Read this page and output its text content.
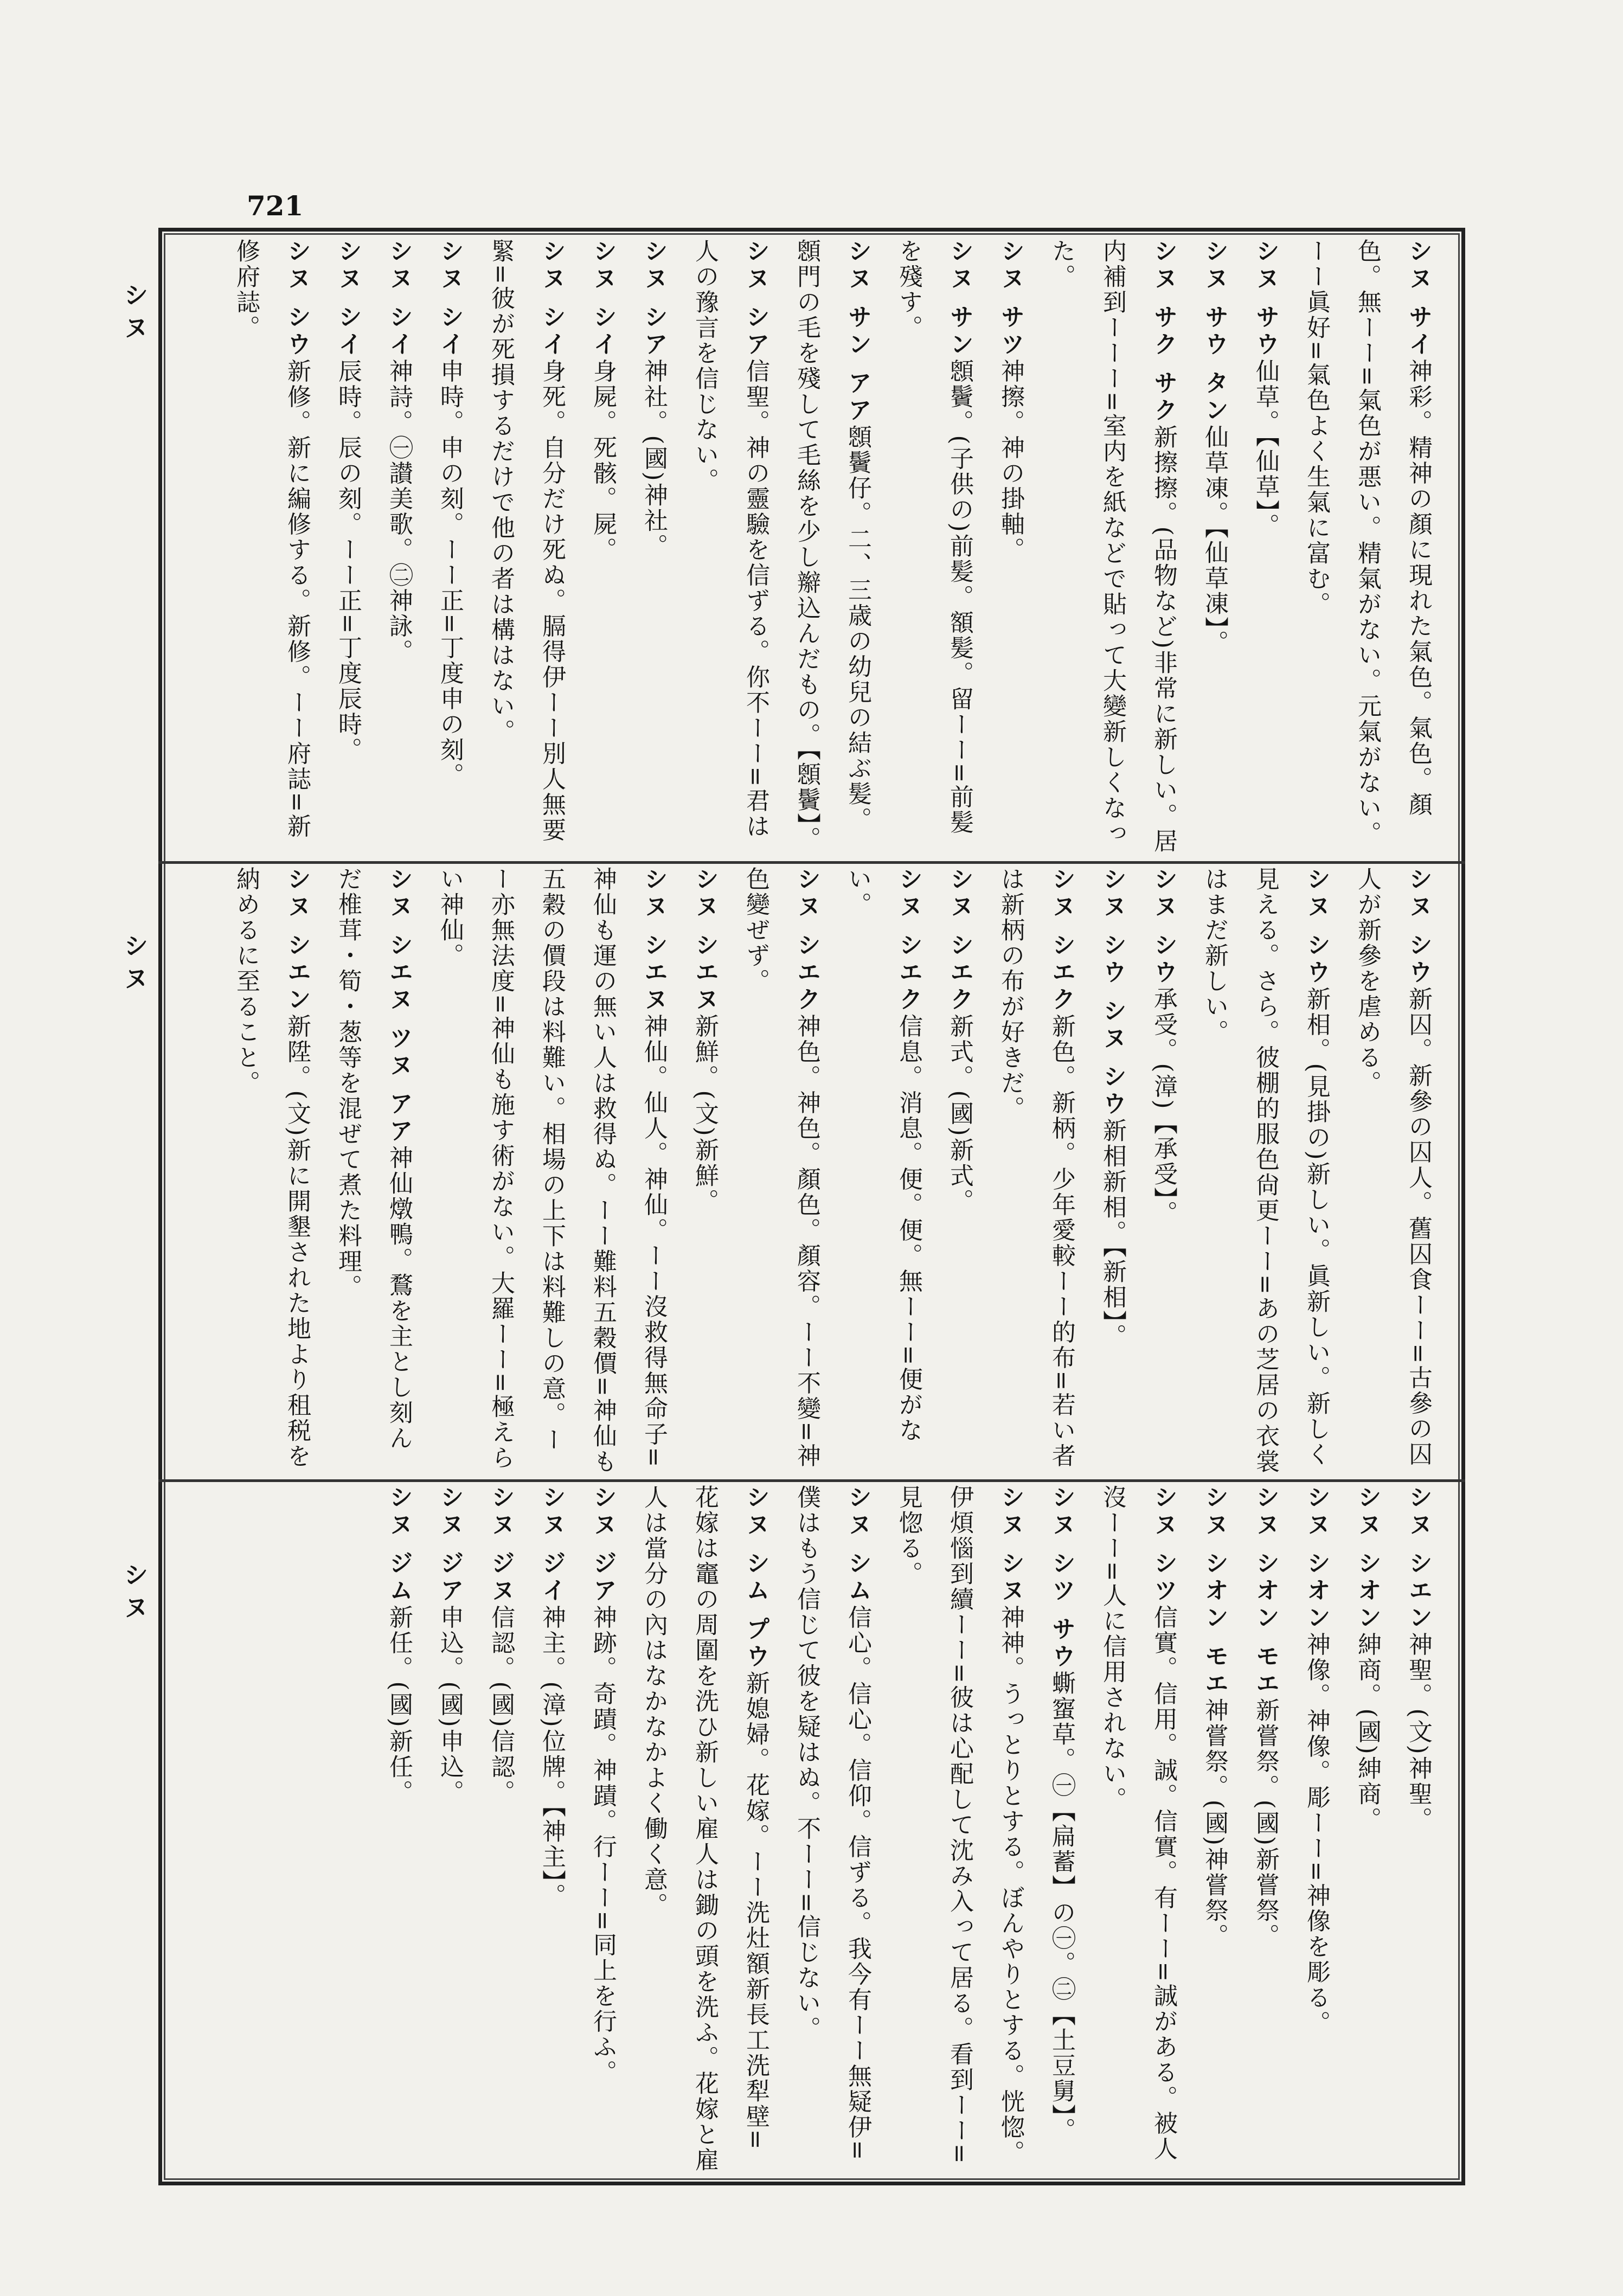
721
シヌ
シヌ
シヌ
シヌ サイ神彩。精神の顏に現れた氣色。氣色。顏色。無ーー=氣色が悪い。精氣がない。元氣がない。ーー眞好=氣色よく生氣に富む。
シヌ サウ仙草。【仙草】。
シヌ サウ タン仙草凍。【仙草凍】。
シヌ サク サク新擦擦。(品物など)非常に新しい。居内補到ーーー=室内を紙などで貼って大變新しくなった。
シヌ サツ神擦。神の掛軸。
シヌ サン顖鬢。(子供の)前髪。額髪。留ーー=前髪を殘す。
シヌ サン アア顖鬢仔。二、三歳の幼兒の結ぶ髪。顖門の毛を殘して毛絲を少し辮込んだもの。【顖鬢】。
シヌ シア信聖。神の靈驗を信ずる。你不ーー=君は人の豫言を信じない。
シヌ シア神社。(國)神社。
シヌ シイ身屍。死骸。屍。
シヌ シイ身死。自分だけ死ぬ。膈得伊ーー別人無要緊=彼が死損するだけで他の者は構はない。
シヌ シイ申時。申の刻。ーー正=丁度申の刻。
シヌ シイ神詩。㊀讃美歌。㊁神詠。
シヌ シイ辰時。辰の刻。ーー正=丁度辰時。
シヌ シウ新修。新に編修する。新修。ーー府誌=新修府誌。
シヌ シウ新囚。新參の囚人。舊囚食ーー=古參の囚人が新參を虐める。
シヌ シウ新相。(見掛の)新しい。眞新しい。新しく見える。さら。彼棚的服色尙更ーー=あの芝居の衣裳はまだ新しい。
シヌ シウ承受。(漳)【承受】。
シヌ シウ シヌ シウ新相新相。【新相】。
シヌ シエク新色。新柄。少年愛較ーー的布=若い者は新柄の布が好きだ。
シヌ シエク新式。(國)新式。
シヌ シエク信息。消息。便。便。無ーー=便がない。
シヌ シエク神色。神色。顏色。顏容。ーー不變=神色變ぜず。
シヌ シエヌ新鮮。(文)新鮮。
シヌ シエヌ神仙。仙人。神仙。ーー沒救得無命子=神仙も運の無い人は救得ぬ。ーー難料五穀價=神仙も五穀の價段は料難い。相場の上下は料難しの意。ーー亦無法度=神仙も施す術がない。大羅ーー=極えらい神仙。
シヌ シエヌ ツヌ アア神仙燉鴨。鶩を主とし刻んだ椎茸・筍・葱等を混ぜて煮た料理。
シヌ シエン新陞。(文)新に開墾された地より租税を納めるに至ること。
シヌ シエン神聖。(文)神聖。
シヌ シオン紳商。(國)紳商。
シヌ シオン神像。神像。彫ーー=神像を彫る。
シヌ シオン モエ新嘗祭。(國)新嘗祭。
シヌ シオン モエ神嘗祭。(國)神嘗祭。
シヌ シツ信實。信用。誠。信實。有ーー=誠がある。被人沒ーー=人に信用されない。
シヌ シツ サウ蟖䗕草。㊀【扁蓄】の㊀。㊁【土豆舅】。
シヌ シヌ神神。うっとりとする。ぼんやりとする。恍惚。伊煩惱到續ーー=彼は心配して沈み入って居る。看到ーー=見惚る。
シヌ シム信心。信心。信仰。信ずる。我今有ーー無疑伊=僕はもう信じて彼を疑はぬ。不ーー=信じない。
シヌ シム プウ新媳婦。花嫁。ーー洗灶額新長工洗犁壁=花嫁は竈の周圍を洗ひ新しい雇人は鋤の頭を洗ふ。花嫁と雇人は當分の內はなかなかよく働く意。
シヌ ジア神跡。奇蹟。神蹟。行ーー=同上を行ふ。
シヌ ジイ神主。(漳)位牌。【神主】。
シヌ ジヌ信認。(國)信認。
シヌ ジア申込。(國)申込。
シヌ ジム新任。(國)新任。
